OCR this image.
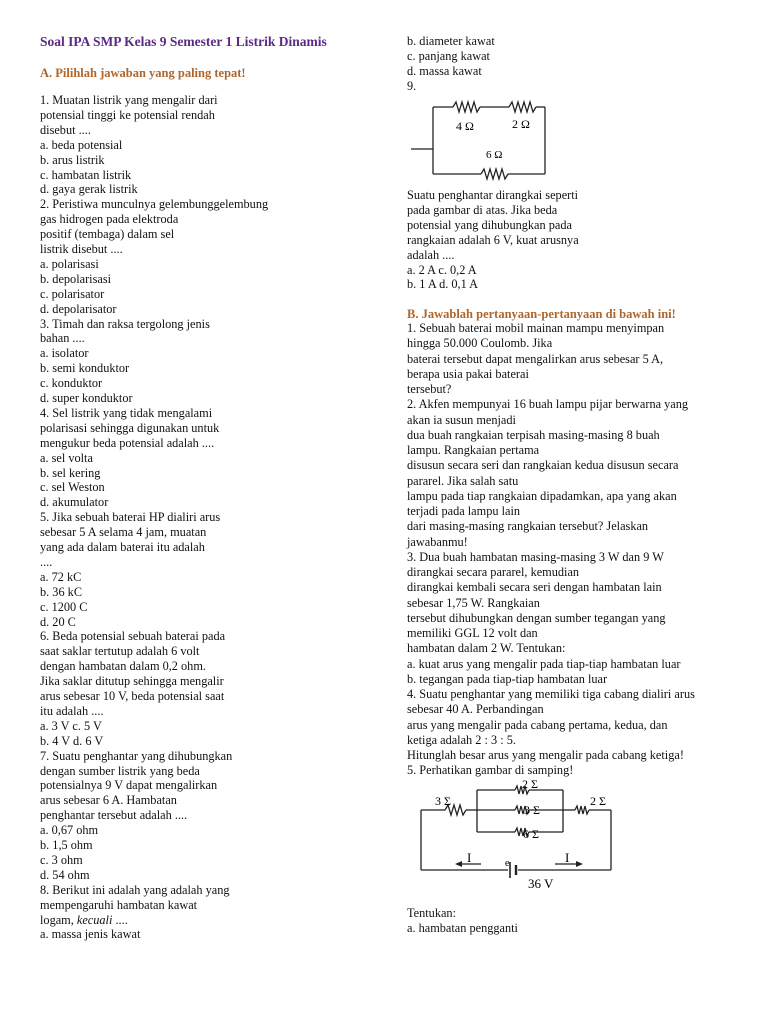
Soal IPA SMP Kelas 9 Semester 1 Listrik Dinamis
A. Pilihlah jawaban yang paling tepat!
1. Muatan listrik yang mengalir dari
potensial tinggi ke potensial rendah
disebut ....
a. beda potensial
b. arus listrik
c. hambatan listrik
d. gaya gerak listrik
2. Peristiwa munculnya gelembunggelembung
gas hidrogen pada elektroda
positif (tembaga) dalam sel
listrik disebut ....
a. polarisasi
b. depolarisasi
c. polarisator
d. depolarisator
3. Timah dan raksa tergolong jenis
bahan ....
a. isolator
b. semi konduktor
c. konduktor
d. super konduktor
4. Sel listrik yang tidak mengalami
polarisasi sehingga digunakan untuk
mengukur beda potensial adalah ....
a. sel volta
b. sel kering
c. sel Weston
d. akumulator
5. Jika sebuah baterai HP dialiri arus
sebesar 5 A selama 4 jam, muatan
yang ada dalam baterai itu adalah
....
a. 72 kC
b. 36 kC
c. 1200 C
d. 20 C
6. Beda potensial sebuah baterai pada
saat saklar tertutup adalah 6 volt
dengan hambatan dalam 0,2 ohm.
Jika saklar ditutup sehingga mengalir
arus sebesar 10 V, beda potensial saat
itu adalah ....
a. 3 V c. 5 V
b. 4 V d. 6 V
7. Suatu penghantar yang dihubungkan
dengan sumber listrik yang beda
potensialnya 9 V dapat mengalirkan
arus sebesar 6 A. Hambatan
penghantar tersebut adalah ....
a. 0,67 ohm
b. 1,5 ohm
c. 3 ohm
d. 54 ohm
8. Berikut ini adalah yang adalah yang
mempengaruhi hambatan kawat
logam, kecuali ....
a. massa jenis kawat
b. diameter kawat
c. panjang kawat
d. massa kawat
9.
4 Ω	2 Ω
6 Ω
Suatu penghantar dirangkai seperti
pada gambar di atas. Jika beda
potensial yang dihubungkan pada
rangkaian adalah 6 V, kuat arusnya
adalah ....
a. 2 A c. 0,2 A
b. 1 A d. 0,1 A
B. Jawablah pertanyaan-pertanyaan di bawah ini!
1. Sebuah baterai mobil mainan mampu menyimpan
hingga 50.000 Coulomb. Jika
baterai tersebut dapat mengalirkan arus sebesar 5 A,
berapa usia pakai baterai
tersebut?
2. Akfen mempunyai 16 buah lampu pijar berwarna yang
akan ia susun menjadi
dua buah rangkaian terpisah masing-masing 8 buah
lampu. Rangkaian pertama
disusun secara seri dan rangkaian kedua disusun secara
pararel. Jika salah satu
lampu pada tiap rangkaian dipadamkan, apa yang akan
terjadi pada lampu lain
dari masing-masing rangkaian tersebut? Jelaskan
jawabanmu!
3. Dua buah hambatan masing-masing 3 W dan 9 W
dirangkai secara pararel, kemudian
dirangkai kembali secara seri dengan hambatan lain
sebesar 1,75 W. Rangkaian
tersebut dihubungkan dengan sumber tegangan yang
memiliki GGL 12 volt dan
hambatan dalam 2 W. Tentukan:
a. kuat arus yang mengalir pada tiap-tiap hambatan luar
b. tegangan pada tiap-tiap hambatan luar
4. Suatu penghantar yang memiliki tiga cabang dialiri arus
sebesar 40 A. Perbandingan
arus yang mengalir pada cabang pertama, kedua, dan
ketiga adalah 2 : 3 : 5.
Hitunglah besar arus yang mengalir pada cabang ketiga!
5. Perhatikan gambar di samping!
3 Σ
2 Σ
3 Σ
6 Σ
2 Σ
I	I
e
36 V
Tentukan:
a. hambatan pengganti
